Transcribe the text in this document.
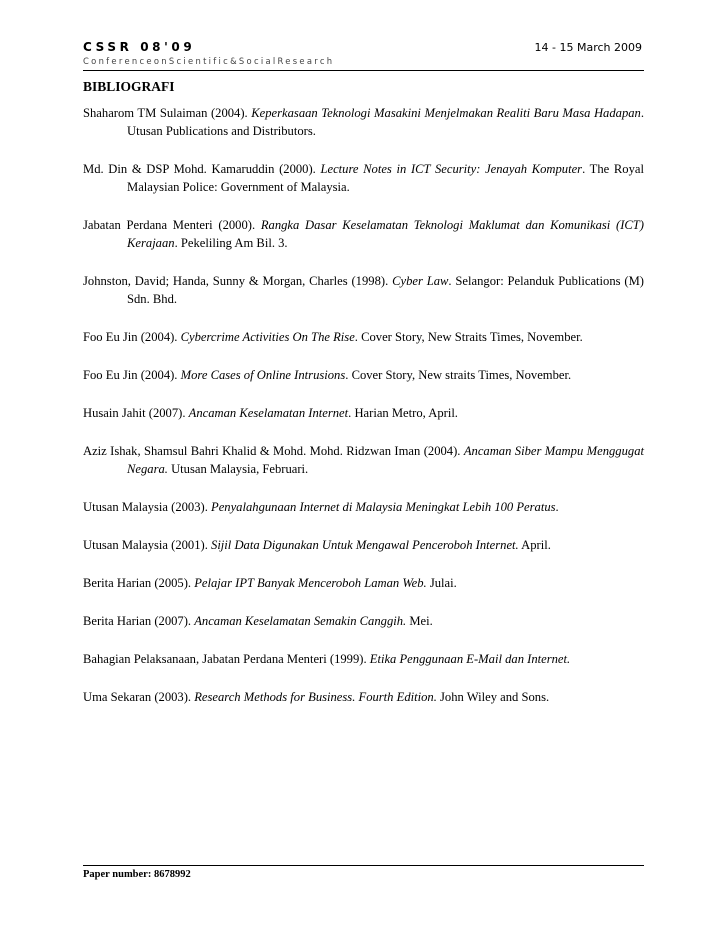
CSSR 08'09	14 - 15 March 2009
ConferenceonScientific&SocialResearch
BIBLIOGRAFI
Shaharom TM Sulaiman (2004). Keperkasaan Teknologi Masakini Menjelmakan Realiti Baru Masa Hadapan. Utusan Publications and Distributors.
Md. Din & DSP Mohd. Kamaruddin (2000). Lecture Notes in ICT Security: Jenayah Komputer. The Royal Malaysian Police: Government of Malaysia.
Jabatan Perdana Menteri (2000). Rangka Dasar Keselamatan Teknologi Maklumat dan Komunikasi (ICT) Kerajaan. Pekeliling Am Bil. 3.
Johnston, David; Handa, Sunny & Morgan, Charles (1998). Cyber Law. Selangor: Pelanduk Publications (M) Sdn. Bhd.
Foo Eu Jin (2004). Cybercrime Activities On The Rise. Cover Story, New Straits Times, November.
Foo Eu Jin (2004). More Cases of Online Intrusions. Cover Story, New straits Times, November.
Husain Jahit (2007). Ancaman Keselamatan Internet. Harian Metro, April.
Aziz Ishak, Shamsul Bahri Khalid & Mohd. Mohd. Ridzwan Iman (2004). Ancaman Siber Mampu Menggugat Negara. Utusan Malaysia, Februari.
Utusan Malaysia (2003). Penyalahgunaan Internet di Malaysia Meningkat Lebih 100 Peratus.
Utusan Malaysia (2001). Sijil Data Digunakan Untuk Mengawal Penceroboh Internet. April.
Berita Harian (2005). Pelajar IPT Banyak Menceroboh Laman Web. Julai.
Berita Harian (2007). Ancaman Keselamatan Semakin Canggih. Mei.
Bahagian Pelaksanaan, Jabatan Perdana Menteri (1999). Etika Penggunaan E-Mail dan Internet.
Uma Sekaran (2003). Research Methods for Business. Fourth Edition. John Wiley and Sons.
Paper number: 8678992
